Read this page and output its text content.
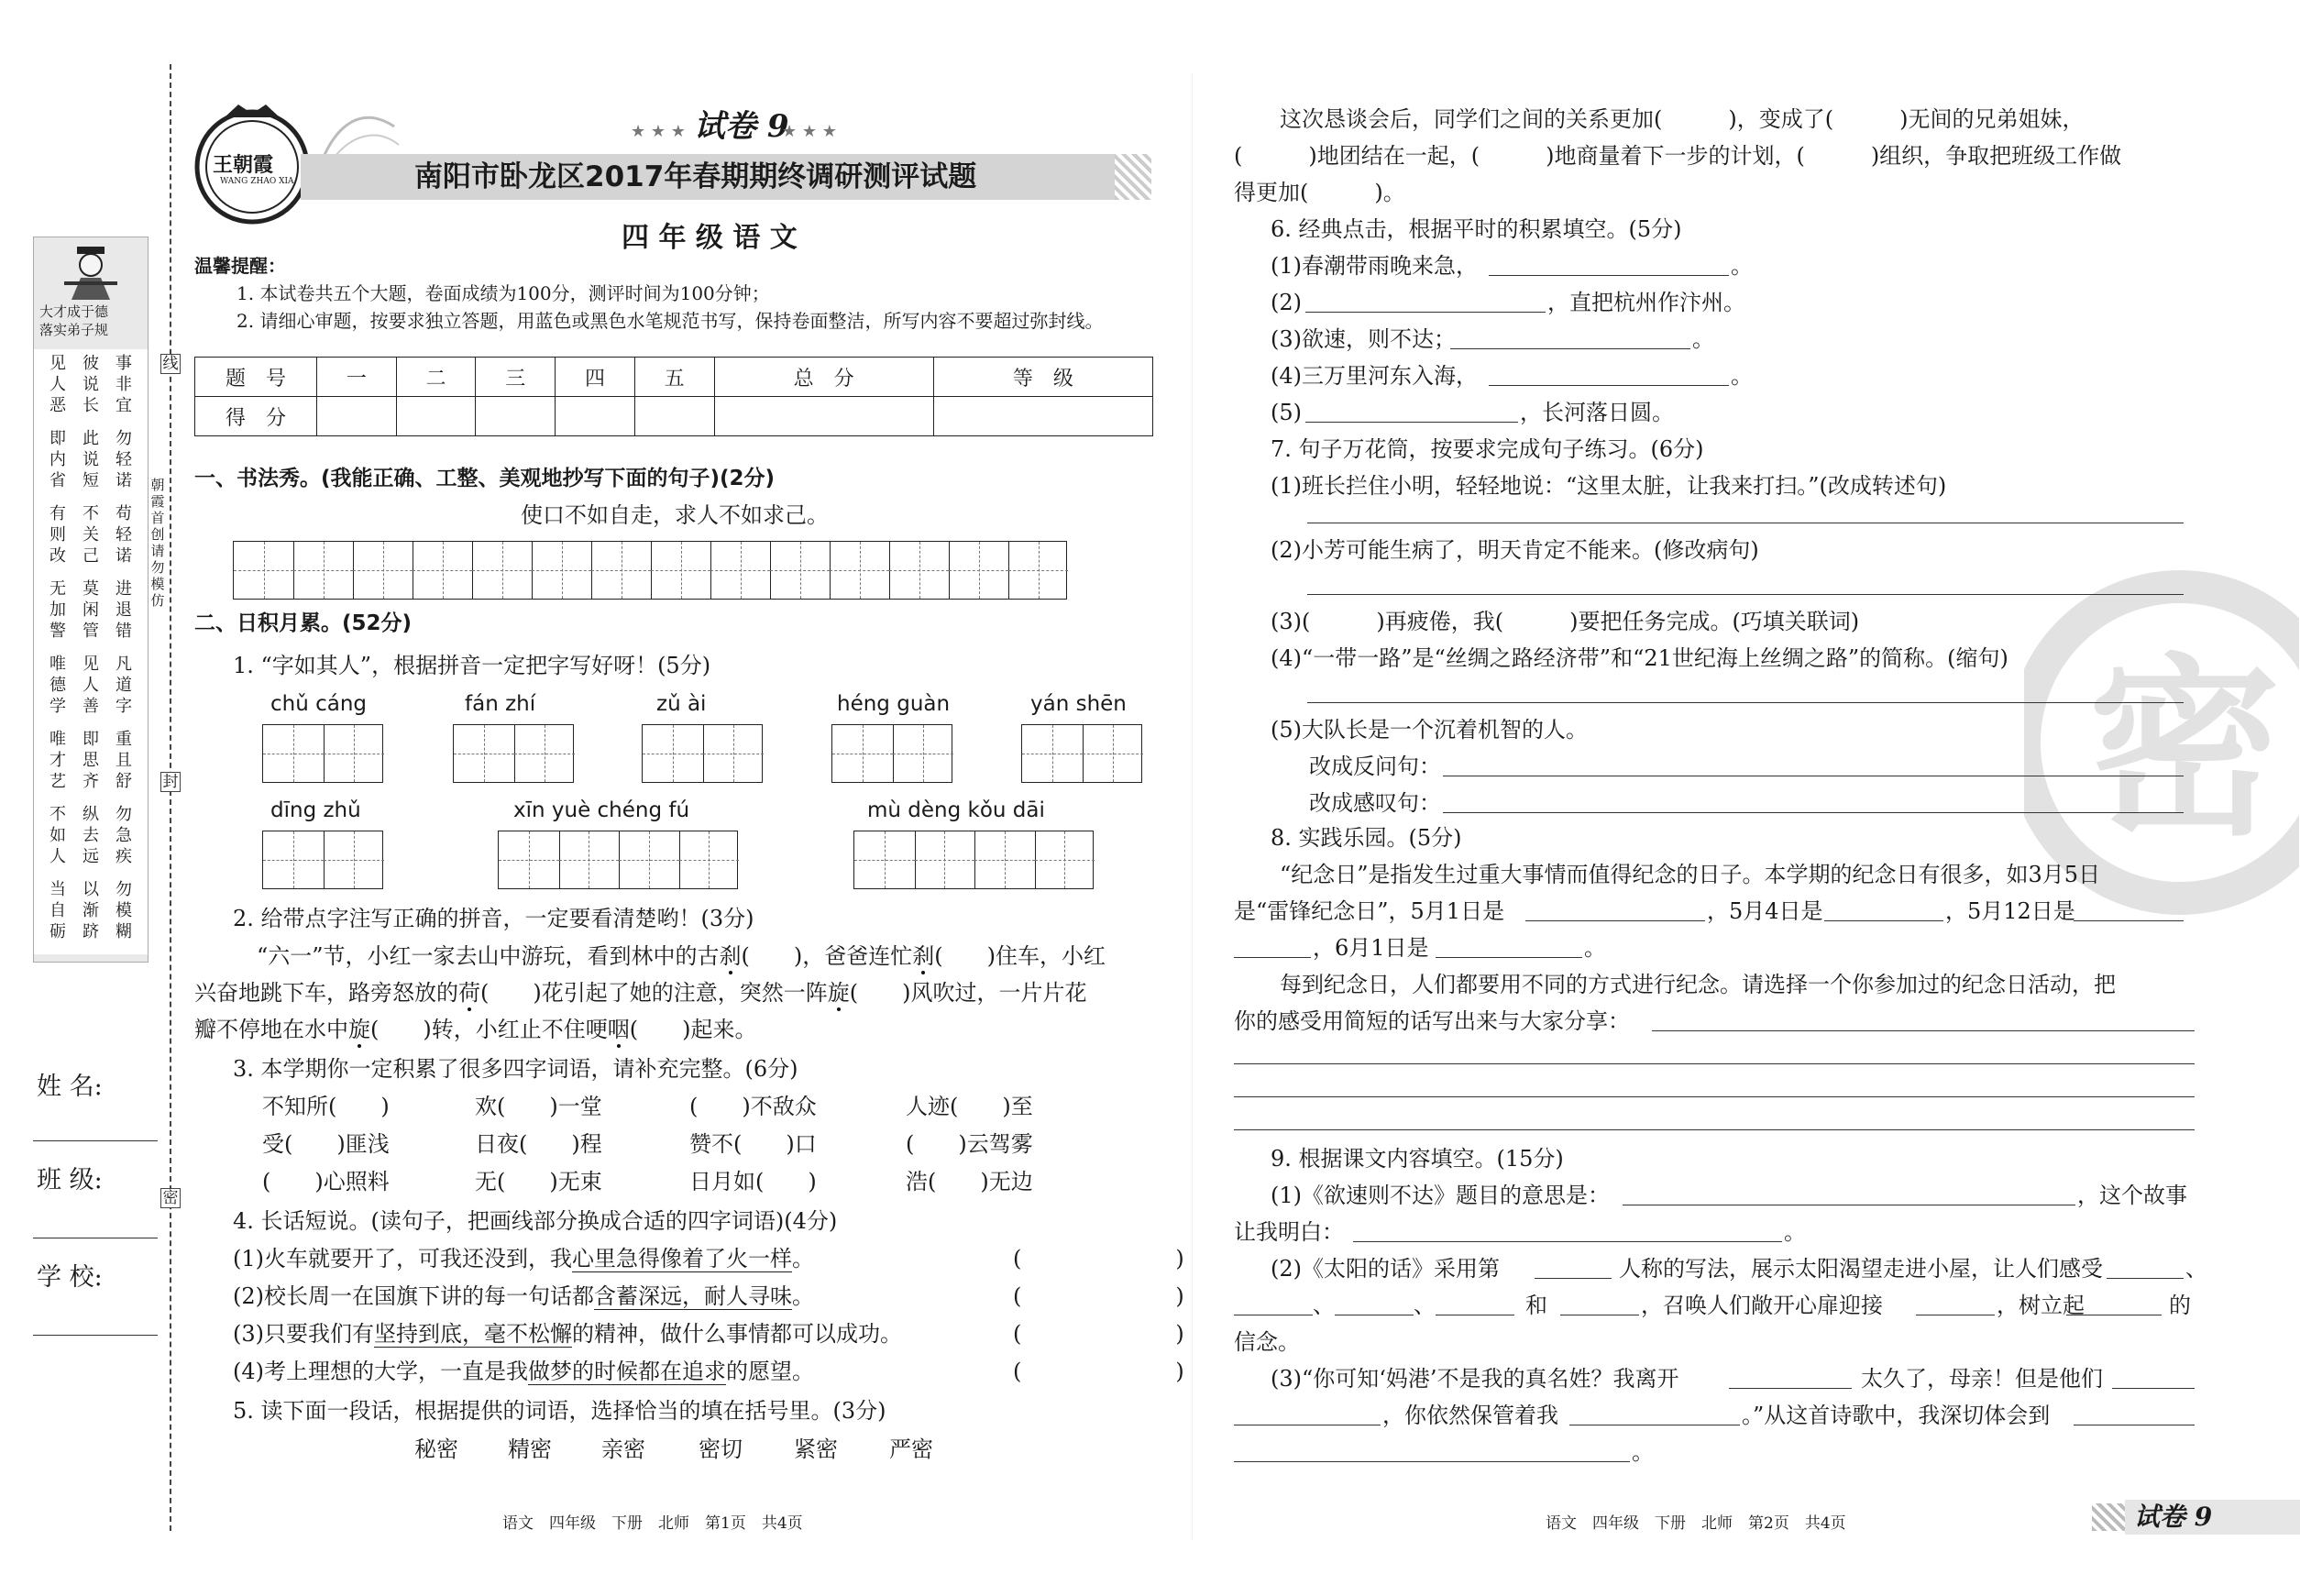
大才成于德
落实弟子规
事非宜
彼说长
见人恶
勿轻诺
此说短
即内省
苟轻诺
不关己
有则改
进退错
莫闲管
无加警
凡道字
见人善
唯德学
重且舒
即思齐
唯才艺
勿急疾
纵去远
不如人
勿模糊
以渐跻
当自砺
姓 名:
班 级:
学 校:
线
封
密
朝霞首创 请勿模仿
王朝霞
WANG ZHAO XIA
★ ★ ★ 试卷 9
★ ★ ★
南阳市卧龙区2017年春期期终调研测评试题
四 年 级 语 文
温馨提醒：
1. 本试卷共五个大题，卷面成绩为100分，测评时间为100分钟；
2. 请细心审题，按要求独立答题，用蓝色或黑色水笔规范书写，保持卷面整洁，所写内容不要超过弥封线。
题　号	一	二	三	四	五	总　分	等　级
得　分							
一、书法秀。(我能正确、工整、美观地抄写下面的句子)(2分)
使口不如自走，求人不如求己。
二、日积月累。(52分)
1. “字如其人”，根据拼音一定把字写好呀！(5分)
chǔ cáng	fán zhí	zǔ ài	héng guàn	yán shēn
dīng zhǔ	xīn yuè chéng fú	mù dèng kǒu dāi
2. 给带点字注写正确的拼音，一定要看清楚哟！(3分)
“六一”节，小红一家去山中游玩，看到林中的古刹(　　)，爸爸连忙刹(　　)住车，小红
兴奋地跳下车，路旁怒放的荷(　　)花引起了她的注意，突然一阵旋(　　)风吹过，一片片花
瓣不停地在水中旋(　　)转，小红止不住哽咽(　　)起来。
3. 本学期你一定积累了很多四字词语，请补充完整。(6分)
不知所(　　)	欢(　　)一堂	(　　)不敌众	人迹(　　)至
受(　　)匪浅	日夜(　　)程	赞不(　　)口	(　　)云驾雾
(　　)心照料	无(　　)无束	日月如(　　)	浩(　　)无边
4. 长话短说。(读句子，把画线部分换成合适的四字词语)(4分)
(1)火车就要开了，可我还没到，我心里急得像着了火一样。	(　　　　　　　)
(2)校长周一在国旗下讲的每一句话都含蓄深远，耐人寻味。	(　　　　　　　)
(3)只要我们有坚持到底，毫不松懈的精神，做什么事情都可以成功。	(　　　　　　　)
(4)考上理想的大学，一直是我做梦的时候都在追求的愿望。	(　　　　　　　)
5. 读下面一段话，根据提供的词语，选择恰当的填在括号里。(3分)
秘密 精密 亲密 密切 紧密 严密
语文　四年级　下册　北师　第1页　共4页
密
这次恳谈会后，同学们之间的关系更加(　　　)，变成了(　　　)无间的兄弟姐妹，
(　　　)地团结在一起，(　　　)地商量着下一步的计划，(　　　)组织，争取把班级工作做
得更加(　　　)。
6. 经典点击，根据平时的积累填空。(5分)
(1)春潮带雨晚来急，	。
(2)	，直把杭州作汴州。
(3)欲速，则不达；	。
(4)三万里河东入海，	。
(5)	，长河落日圆。
7. 句子万花筒，按要求完成句子练习。(6分)
(1)班长拦住小明，轻轻地说：“这里太脏，让我来打扫。”(改成转述句)
(2)小芳可能生病了，明天肯定不能来。(修改病句)
(3)(　　　)再疲倦，我(　　　)要把任务完成。(巧填关联词)
(4)“一带一路”是“丝绸之路经济带”和“21世纪海上丝绸之路”的简称。(缩句)
(5)大队长是一个沉着机智的人。
改成反问句：
改成感叹句：
8. 实践乐园。(5分)
“纪念日”是指发生过重大事情而值得纪念的日子。本学期的纪念日有很多，如3月5日
是“雷锋纪念日”，5月1日是	，5月4日是	，5月12日是
，6月1日是	。
每到纪念日，人们都要用不同的方式进行纪念。请选择一个你参加过的纪念日活动，把
你的感受用简短的话写出来与大家分享：
9. 根据课文内容填空。(15分)
(1)《欲速则不达》题目的意思是：	，这个故事
让我明白：	。
(2)《太阳的话》采用第	人称的写法，展示太阳渴望走进小屋，让人们感受	、
、	、	和	，召唤人们敞开心扉迎接	，树立起	的
信念。
(3)“你可知‘妈港’不是我的真名姓？我离开	太久了，母亲！但是他们
，你依然保管着我	。”从这首诗歌中，我深切体会到
。
语文　四年级　下册　北师　第2页　共4页	试卷 9
